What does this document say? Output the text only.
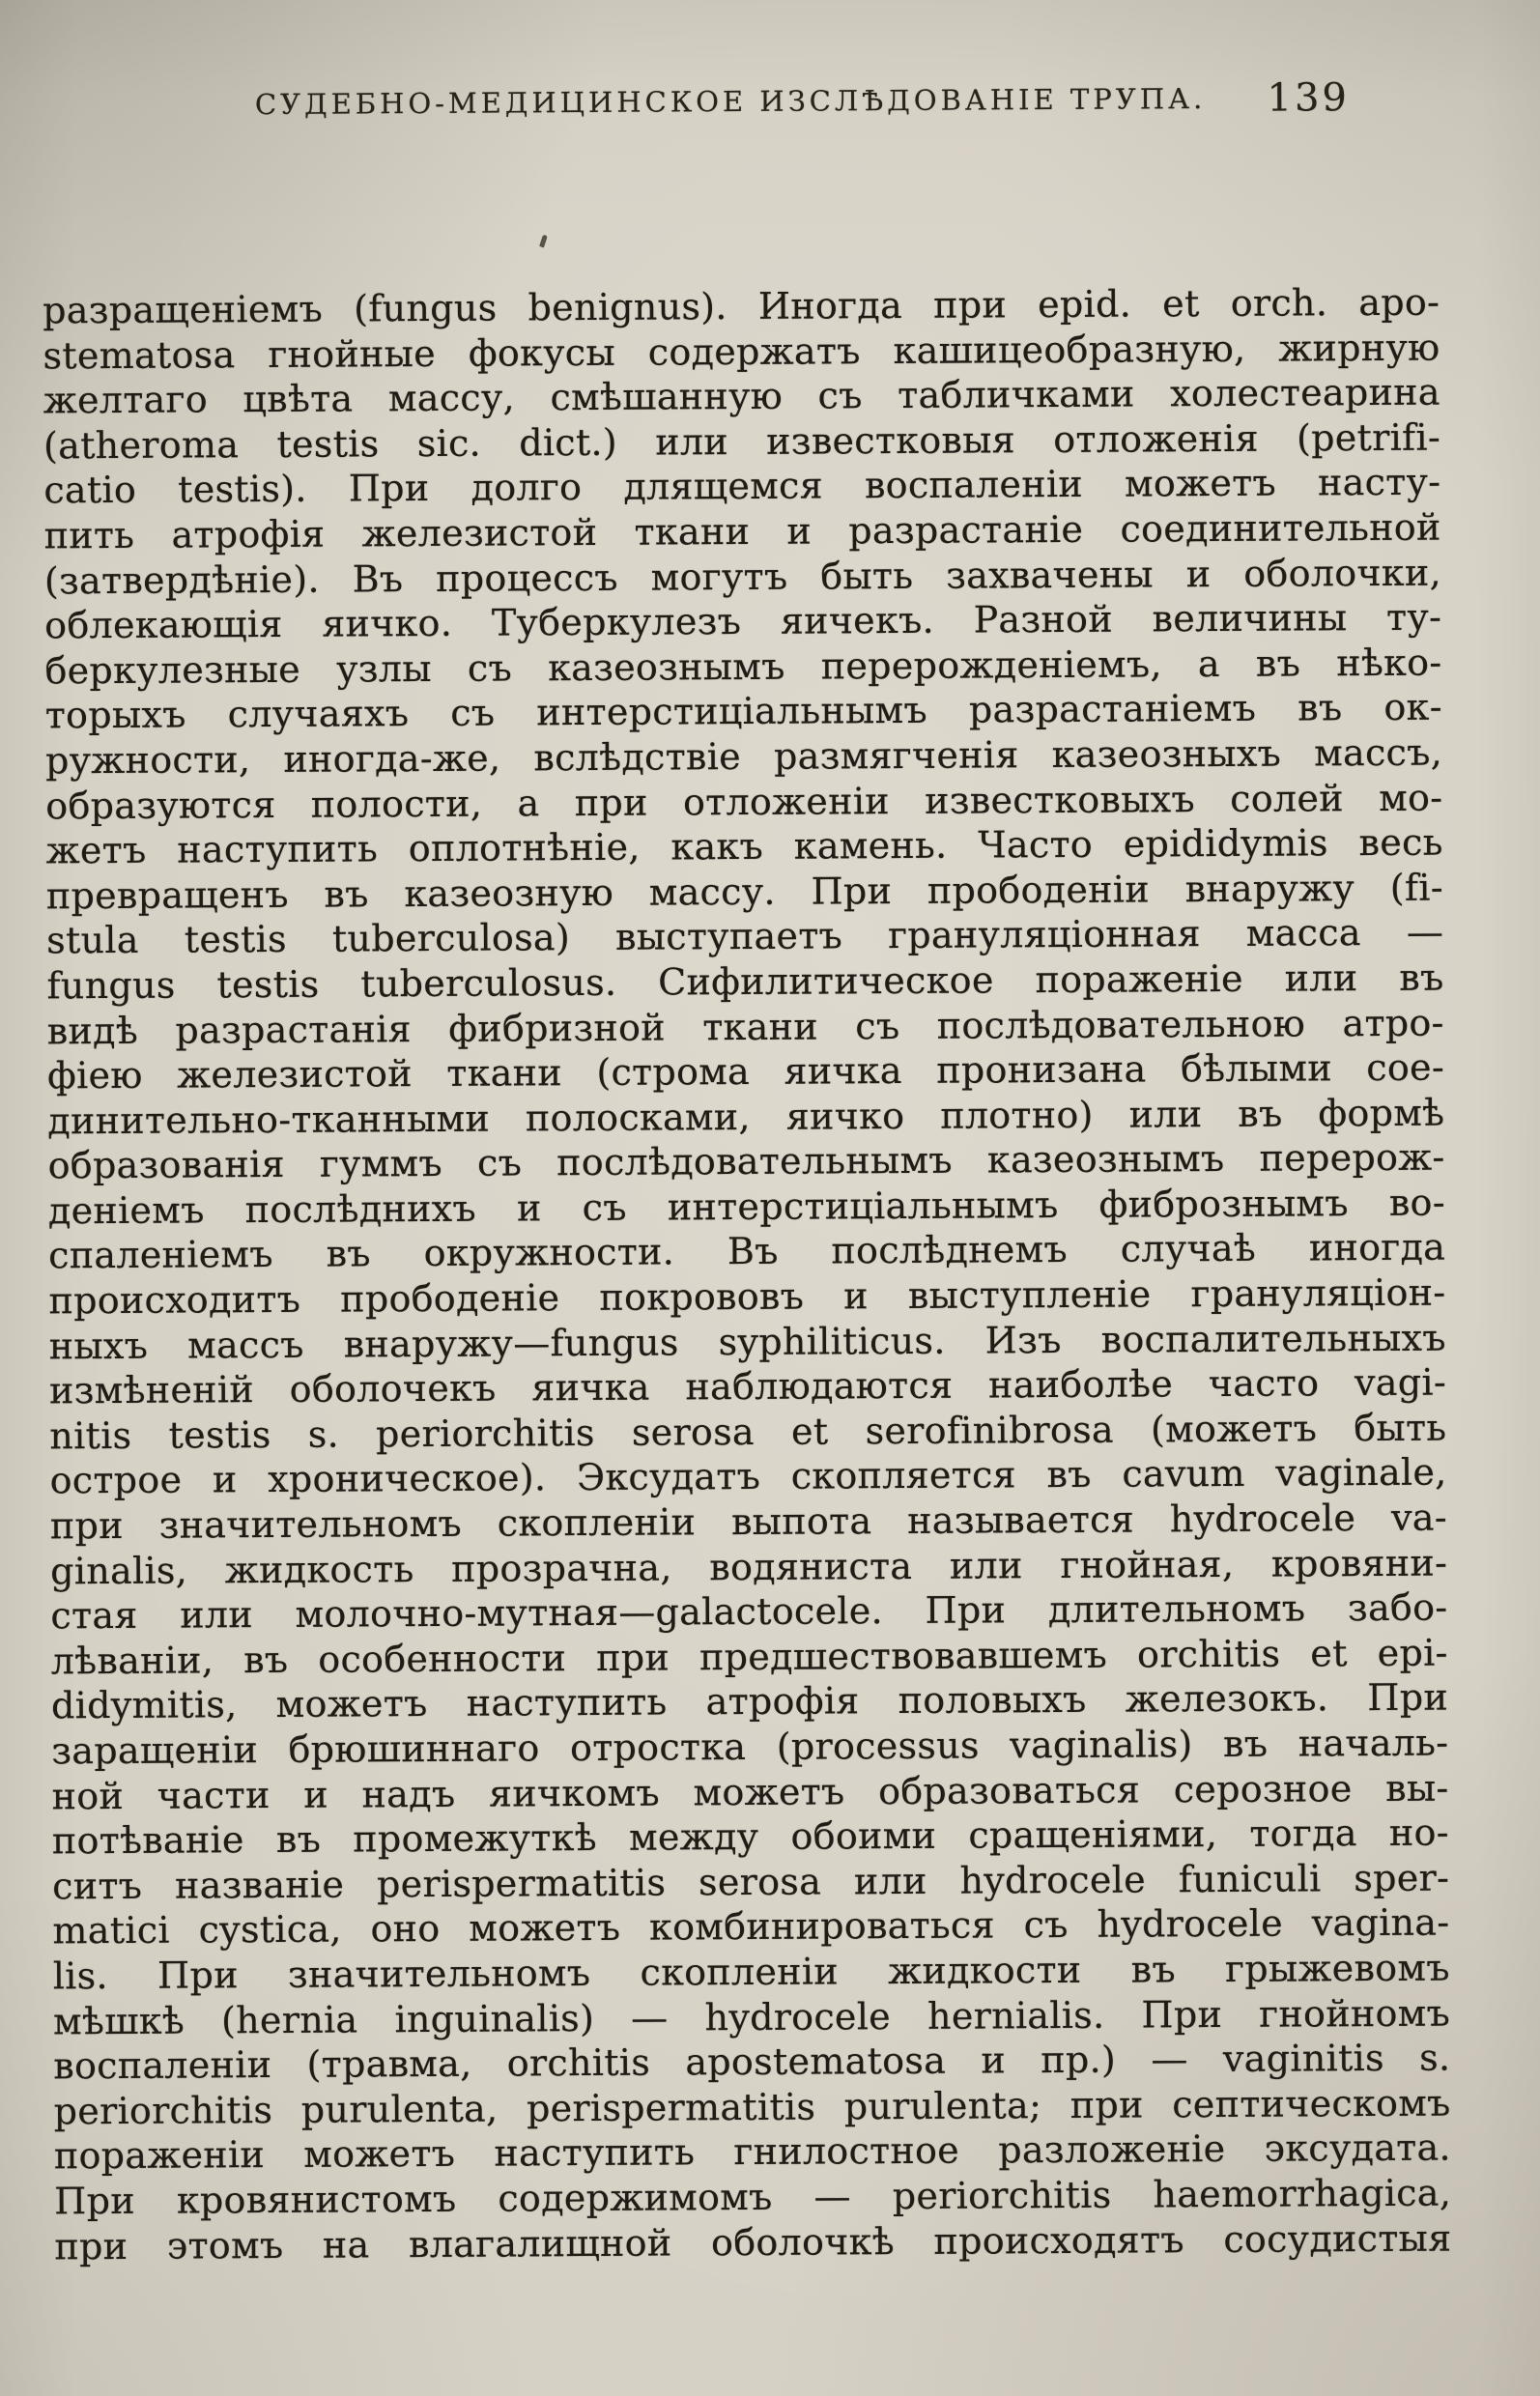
СУДЕБНО-МЕДИЦИНСКОЕ ИЗСЛѢДОВАНІЕ ТРУПА. 139
разращеніемъ (fungus benignus). Иногда при epid. et orch. apo-
stematosa гнойные фокусы содержатъ кашицеобразную, жирную
желтаго цвѣта массу, смѣшанную съ табличками холестеарина
(atheroma testis sic. dict.) или известковыя отложенія (petrifi-
catio testis). При долго длящемся воспаленіи можетъ насту-
пить атрофія железистой ткани и разрастаніе соединительной
(затвердѣніе). Въ процессъ могутъ быть захвачены и оболочки,
облекающія яичко. Туберкулезъ яичекъ. Разной величины ту-
беркулезные узлы съ казеознымъ перерожденіемъ, а въ нѣко-
торыхъ случаяхъ съ интерстиціальнымъ разрастаніемъ въ ок-
ружности, иногда-же, вслѣдствіе размягченія казеозныхъ массъ,
образуются полости, а при отложеніи известковыхъ солей мо-
жетъ наступить оплотнѣніе, какъ камень. Часто epididymis весь
превращенъ въ казеозную массу. При прободеніи внаружу (fi-
stula testis tuberculosa) выступаетъ грануляціонная масса —
fungus testis tuberculosus. Сифилитическое пораженіе или въ
видѣ разрастанія фибризной ткани съ послѣдовательною атро-
фіею железистой ткани (строма яичка пронизана бѣлыми сое-
динительно-тканными полосками, яичко плотно) или въ формѣ
образованія гуммъ съ послѣдовательнымъ казеознымъ перерож-
деніемъ послѣднихъ и съ интерстиціальнымъ фибрознымъ во-
спаленіемъ въ окружности. Въ послѣднемъ случаѣ иногда
происходитъ прободеніе покрововъ и выступленіе грануляціон-
ныхъ массъ внаружу—fungus syphiliticus. Изъ воспалительныхъ
измѣненій оболочекъ яичка наблюдаются наиболѣе часто vagi-
nitis testis s. periorchitis serosa et serofinibrosa (можетъ быть
острое и хроническое). Эксудатъ скопляется въ cavum vaginale,
при значительномъ скопленіи выпота называется hydrocele va-
ginalis, жидкость прозрачна, водяниста или гнойная, кровяни-
стая или молочно-мутная—galactocele. При длительномъ забо-
лѣваніи, въ особенности при предшествовавшемъ orchitis et epi-
didymitis, можетъ наступить атрофія половыхъ железокъ. При
заращеніи брюшиннаго отростка (processus vaginalis) въ началь-
ной части и надъ яичкомъ можетъ образоваться серозное вы-
потѣваніе въ промежуткѣ между обоими сращеніями, тогда но-
ситъ названіе perispermatitis serosa или hydrocele funiculi sper-
matici cystica, оно можетъ комбинироваться съ hydrocele vagina-
lis. При значительномъ скопленіи жидкости въ грыжевомъ
мѣшкѣ (hernia inguinalis) — hydrocele hernialis. При гнойномъ
воспаленіи (травма, orchitis apostematosa и пр.) — vaginitis s.
periorchitis purulenta, perispermatitis purulenta; при септическомъ
пораженіи можетъ наступить гнилостное разложеніе эксудата.
При кровянистомъ содержимомъ — periorchitis haemorrhagica,
при этомъ на влагалищной оболочкѣ происходятъ сосудистыя
